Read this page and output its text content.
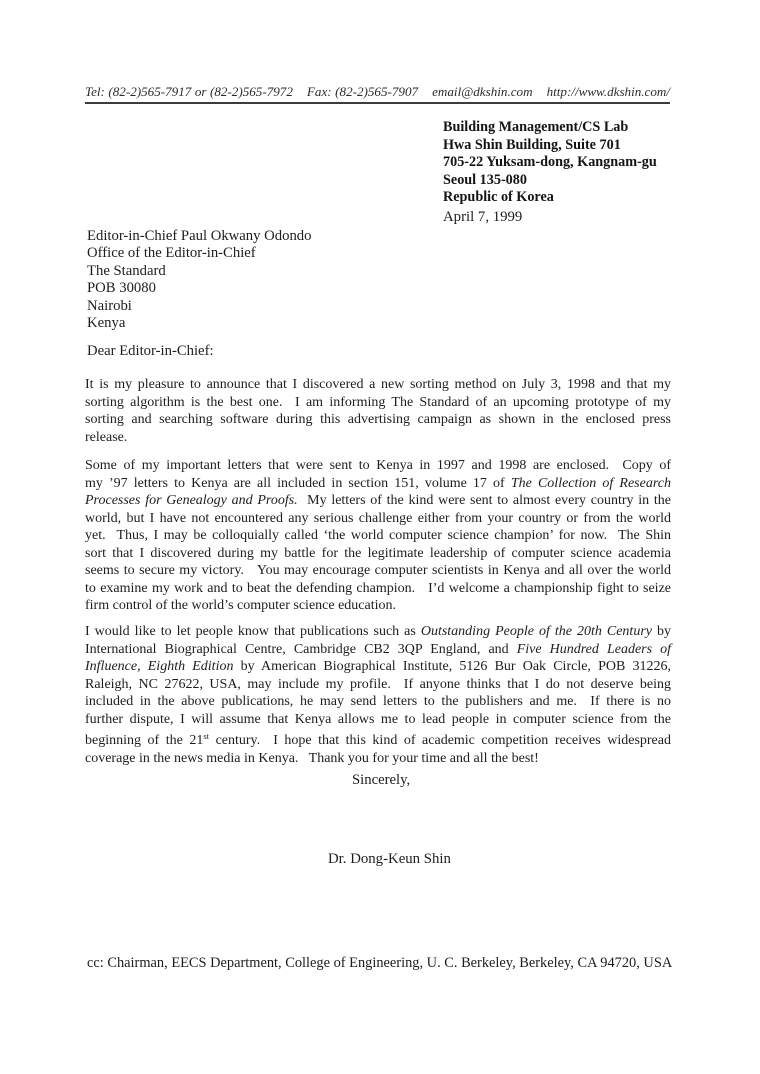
Tel: (82-2)565-7917 or (82-2)565-7972    Fax: (82-2)565-7907    email@dkshin.com    http://www.dkshin.com/
Building Management/CS Lab
Hwa Shin Building, Suite 701
705-22 Yuksam-dong, Kangnam-gu
Seoul 135-080
Republic of Korea
April 7, 1999
Editor-in-Chief Paul Okwany Odondo
Office of the Editor-in-Chief
The Standard
POB 30080
Nairobi
Kenya
Dear Editor-in-Chief:
It is my pleasure to announce that I discovered a new sorting method on July 3, 1998 and that my
sorting algorithm is the best one.  I am informing The Standard of an upcoming prototype of my
sorting and searching software during this advertising campaign as shown in the enclosed press
release.
Some of my important letters that were sent to Kenya in 1997 and 1998 are enclosed.  Copy of
my ’97 letters to Kenya are all included in section 151, volume 17 of The Collection of Research
Processes for Genealogy and Proofs.  My letters of the kind were sent to almost every country in the
world, but I have not encountered any serious challenge either from your country or from the world
yet.  Thus, I may be colloquially called ‘the world computer science champion’ for now.  The Shin
sort that I discovered during my battle for the legitimate leadership of computer science academia
seems to secure my victory.   You may encourage computer scientists in Kenya and all over the world
to examine my work and to beat the defending champion.   I’d welcome a championship fight to seize
firm control of the world’s computer science education.
I would like to let people know that publications such as Outstanding People of the 20th Century by
International Biographical Centre, Cambridge CB2 3QP England, and Five Hundred Leaders of
Influence, Eighth Edition by American Biographical Institute, 5126 Bur Oak Circle, POB 31226,
Raleigh, NC 27622, USA, may include my profile.  If anyone thinks that I do not deserve being
included in the above publications, he may send letters to the publishers and me.  If there is no
further dispute, I will assume that Kenya allows me to lead people in computer science from the
beginning of the 21st century.  I hope that this kind of academic competition receives widespread
coverage in the news media in Kenya.   Thank you for your time and all the best!
Sincerely,
Dr. Dong-Keun Shin
cc: Chairman, EECS Department, College of Engineering, U. C. Berkeley, Berkeley, CA 94720, USA
